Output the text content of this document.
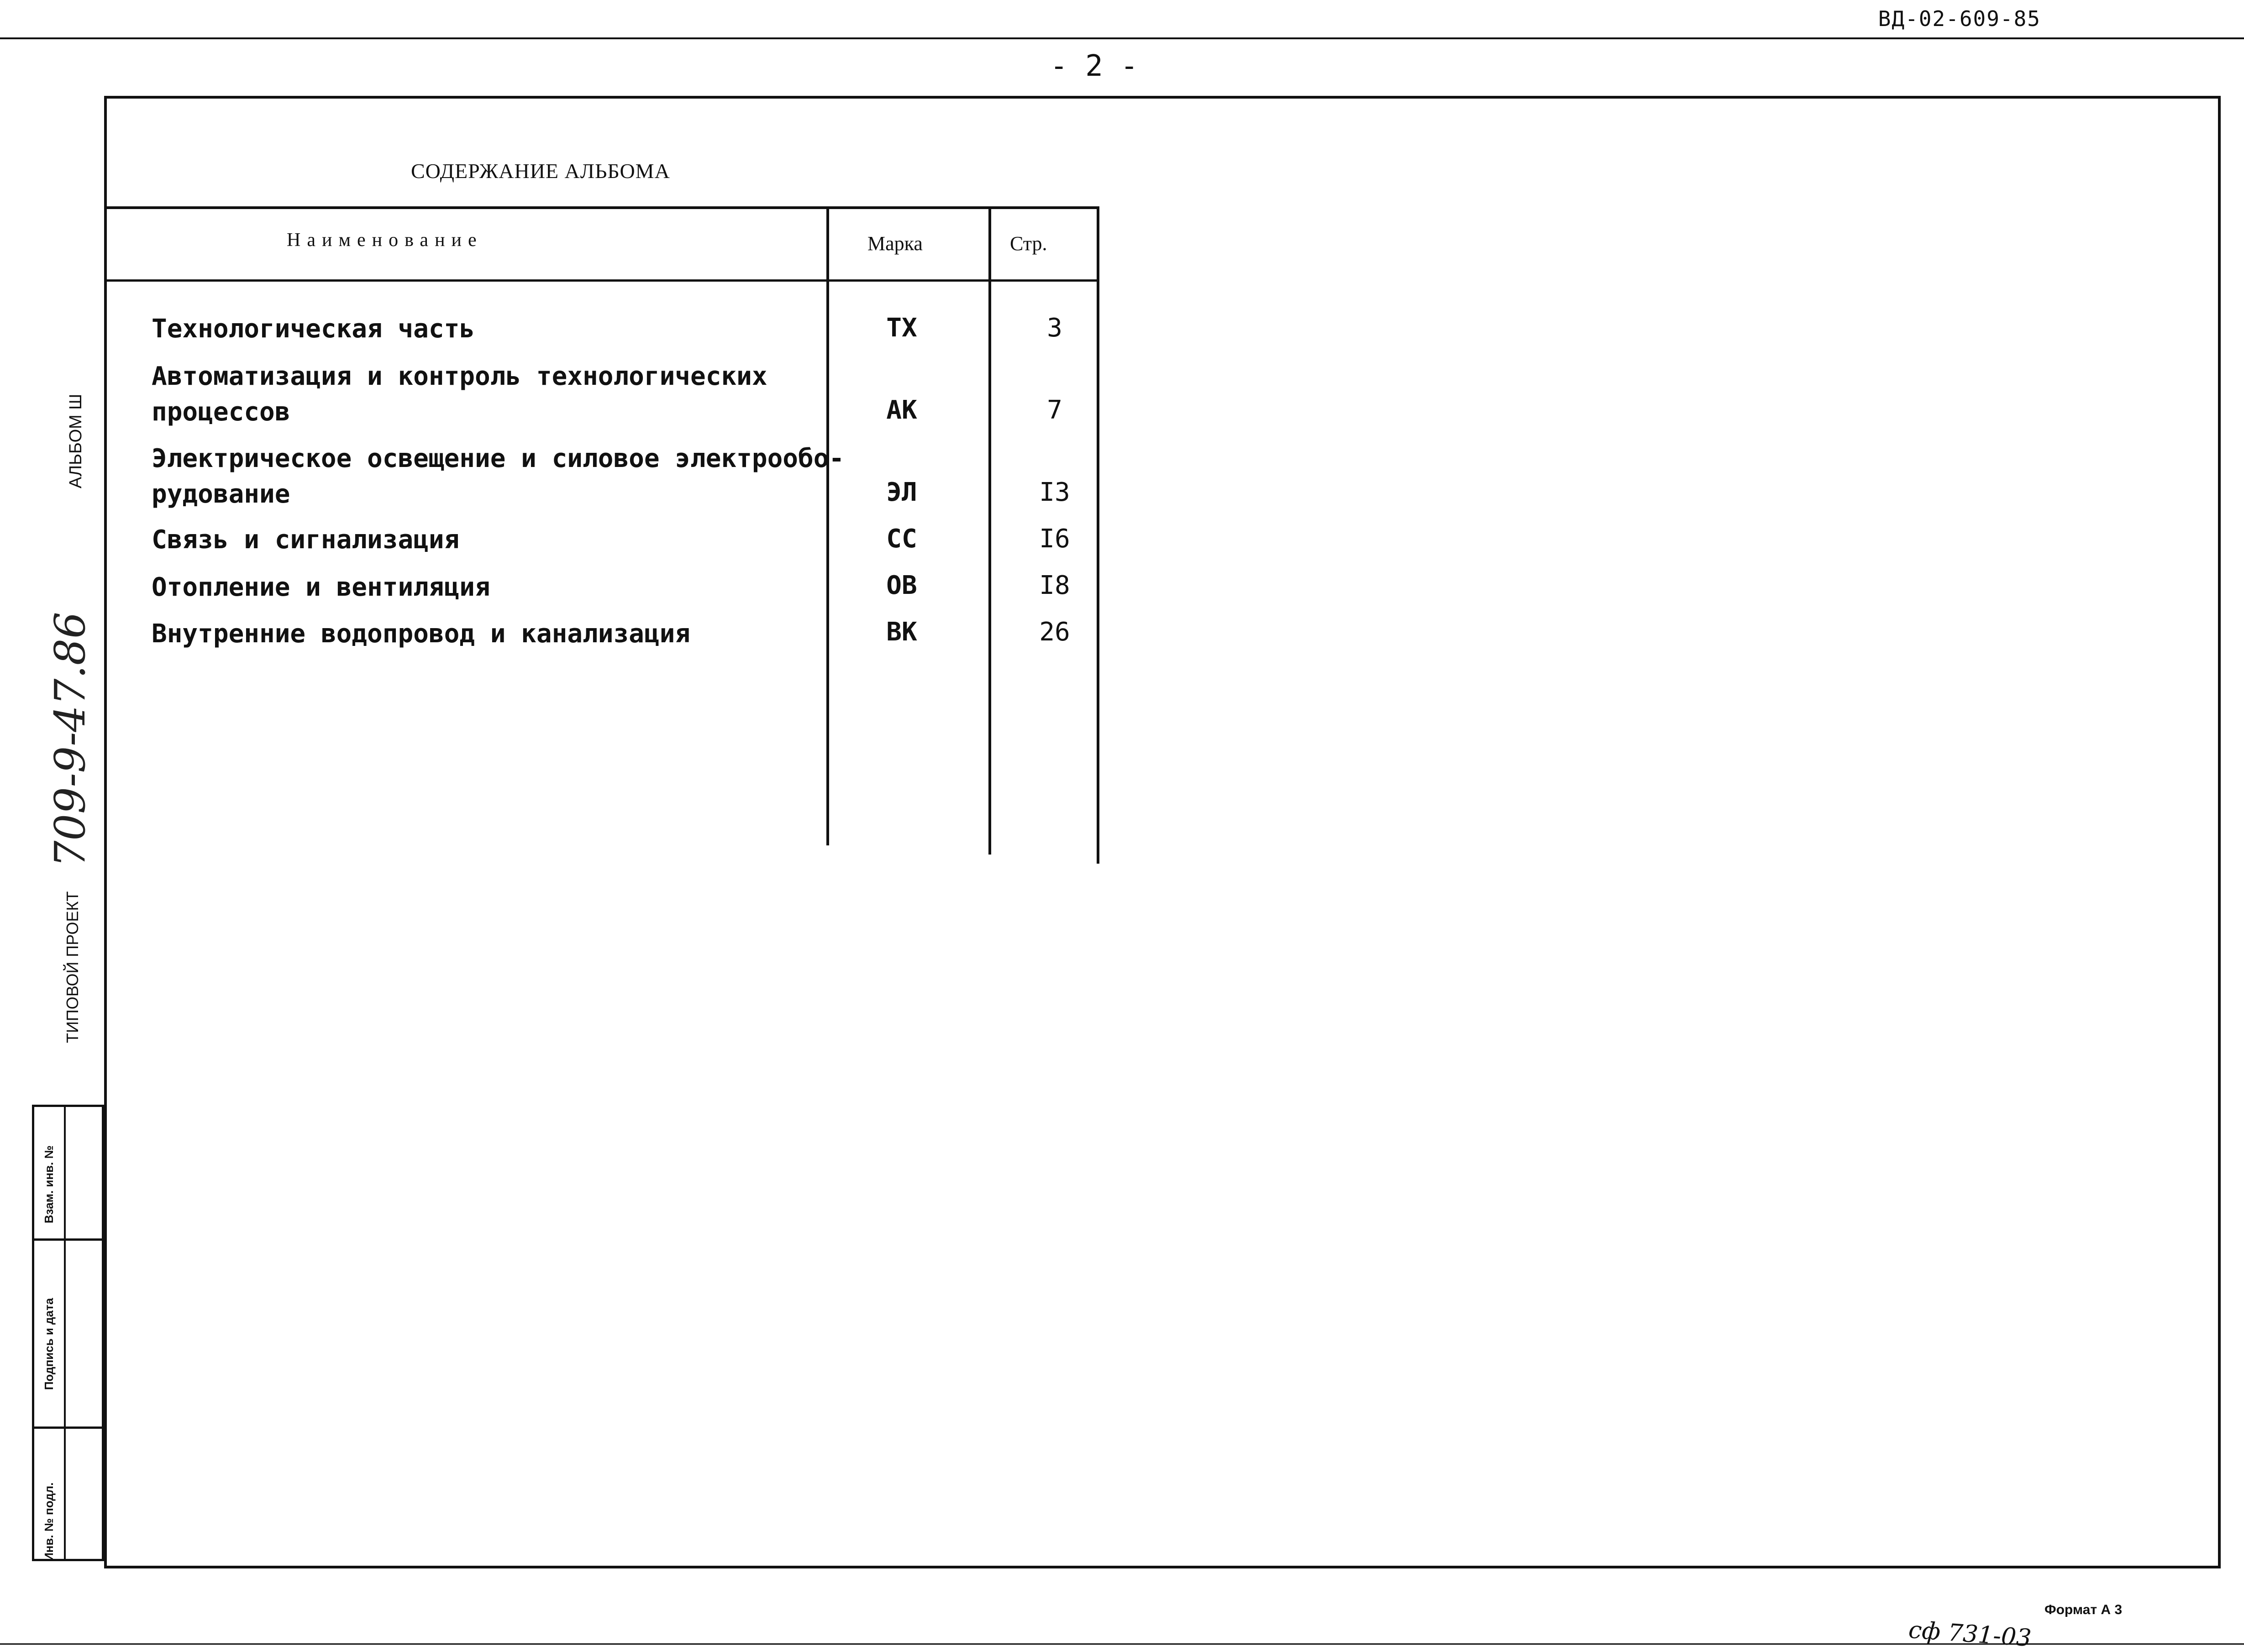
ВД-02-609-85
- 2 -
СОДЕРЖАНИЕ АЛЬБОМА
Наименование	Марка	Стр.
Технологическая часть	ТХ	3
Автоматизация и контроль технологических
процессов	АК	7
Электрическое освещение и силовое электрообо-
рудование	ЭЛ	I3
Связь и сигнализация	СС	I6
Отопление и вентиляция	ОВ	I8
Внутренние водопровод и канализация	ВК	26
АЛЬБОМ Ш
709-9-47.86
ТИПОВОЙ ПРОЕКТ
Взам. инв. №
Подпись и дата
Инв. № подл.
Формат А 3
сф 731-03
